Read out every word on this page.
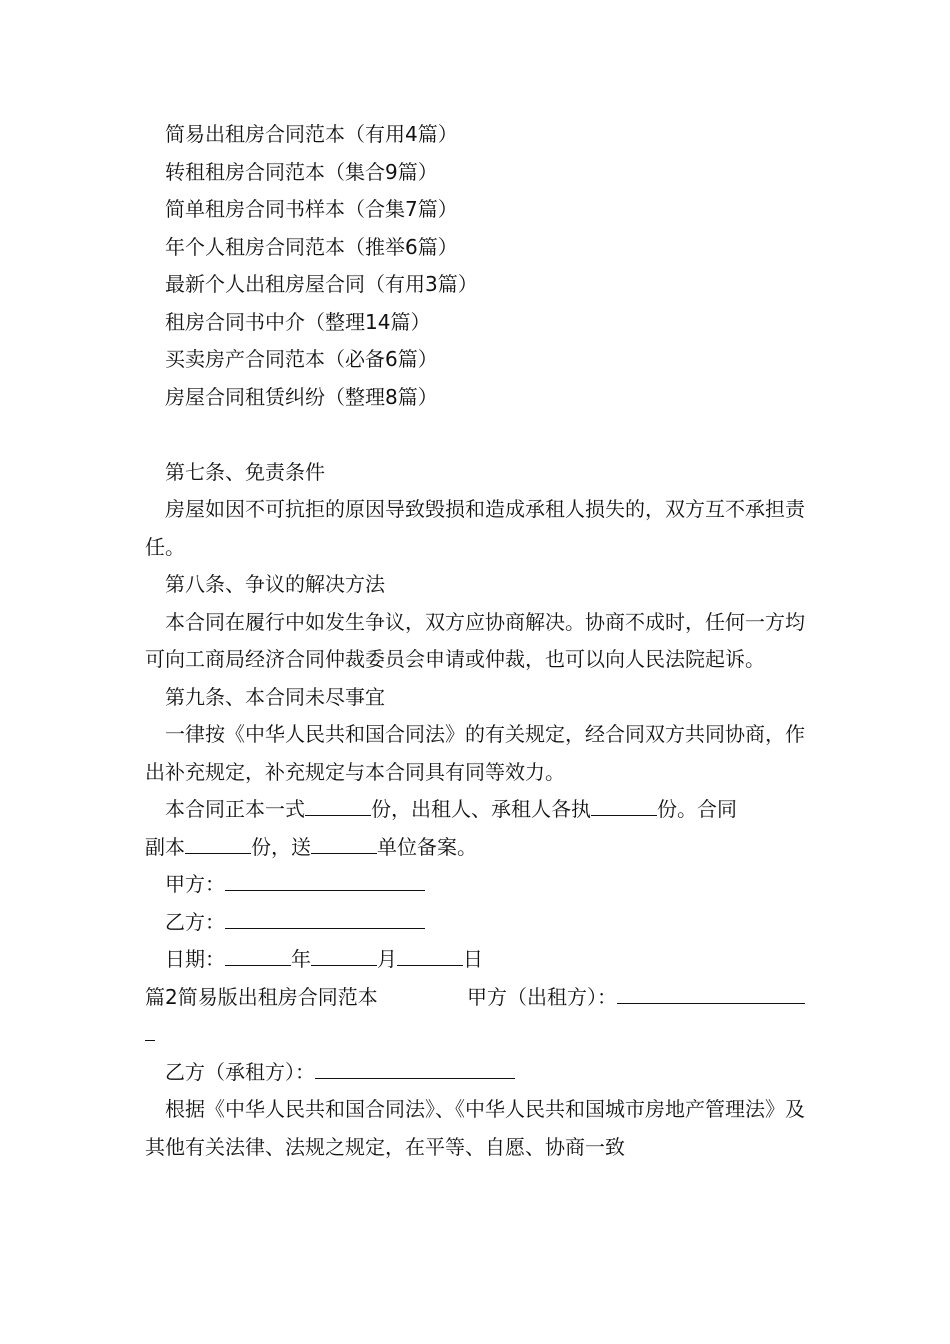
简易出租房合同范本（有用4篇）
转租租房合同范本（集合9篇）
简单租房合同书样本（合集7篇）
年个人租房合同范本（推举6篇）
最新个人出租房屋合同（有用3篇）
租房合同书中介（整理14篇）
买卖房产合同范本（必备6篇）
房屋合同租赁纠纷（整理8篇）
第七条、免责条件

房屋如因不可抗拒的原因导致毁损和造成承租人损失的，双方互不承担责任。

第八条、争议的解决方法

本合同在履行中如发生争议，双方应协商解决。协商不成时，任何一方均可向工商局经济合同仲裁委员会申请或仲裁，也可以向人民法院起诉。

第九条、本合同未尽事宜

一律按《中华人民共和国合同法》的有关规定，经合同双方共同协商，作出补充规定，补充规定与本合同具有同等效力。

本合同正本一式	份，出租人、承租人各执	份。合同
副本	份，送	单位备案。
甲方：
乙方：
日期：	年	月	日
篇2简易版出租房合同范本	甲方（出租方）：
乙方（承租方）：

根据《中华人民共和国合同法》、《中华人民共和国城市房地产管理法》及其他有关法律、法规之规定，在平等、自愿、协商一致
